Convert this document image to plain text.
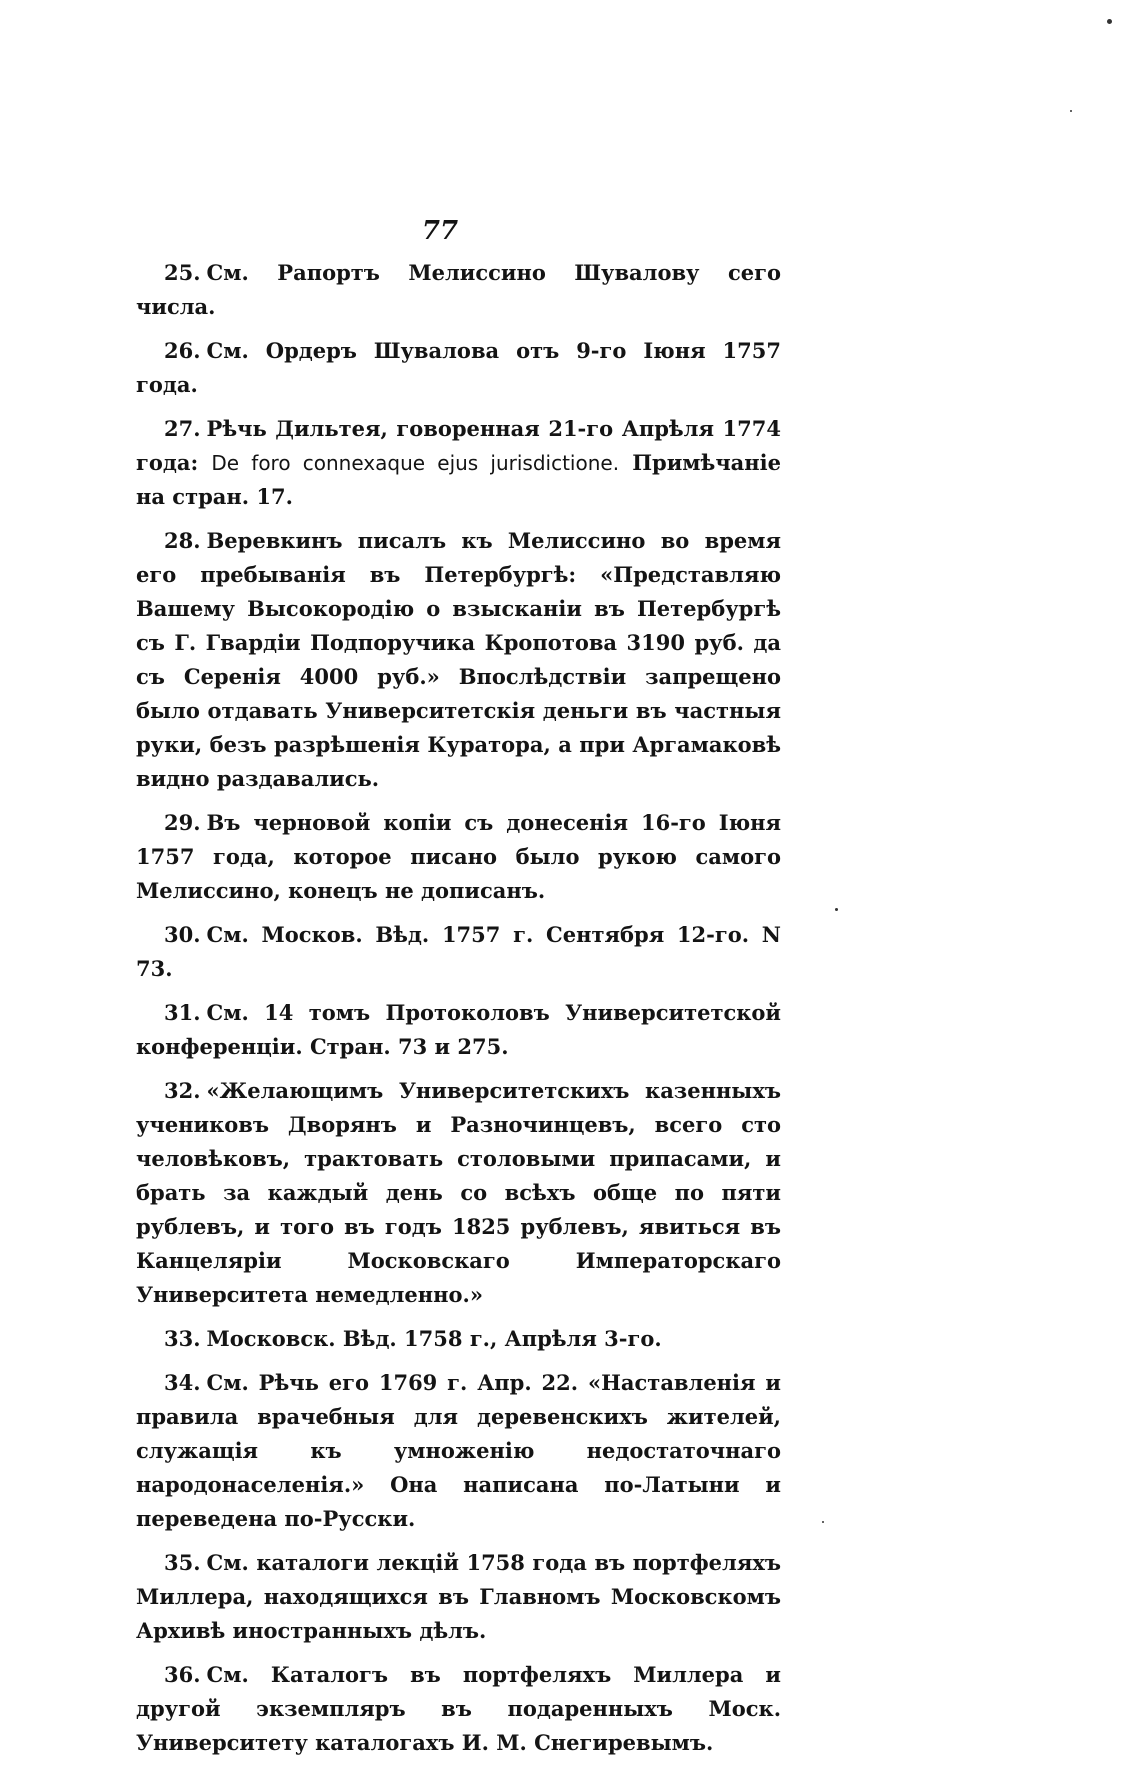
77

25. См. Рапортъ Мелиссино Шувалову сего числа.

26. См. Ордеръ Шувалова отъ 9-го Іюня 1757 года.

27. Рѣчь Дильтея, говоренная 21-го Апрѣля 1774 года: De foro connexaque ejus jurisdictione. Примѣчаніе на стран. 17.

28. Веревкинъ писалъ къ Мелиссино во время его пребыванія въ Петербургѣ: «Представляю Вашему Высокородію о взысканіи въ Петербургѣ съ Г. Гвардіи Подпоручика Кропотова 3190 руб. да съ Серенія 4000 руб.» Впослѣдствіи запрещено было отдавать Университетскія деньги въ частныя руки, безъ разрѣшенія Куратора, а при Аргамаковѣ видно раздавались.

29. Въ черновой копіи съ донесенія 16-го Іюня 1757 года, которое писано было рукою самого Мелиссино, конецъ не дописанъ.

30. См. Москов. Вѣд. 1757 г. Сентября 12-го. N 73.

31. См. 14 томъ Протоколовъ Университетской конференціи. Стран. 73 и 275.

32. «Желающимъ Университетскихъ казенныхъ учениковъ Дворянъ и Разночинцевъ, всего сто человѣковъ, трактовать столовыми припасами, и брать за каждый день со всѣхъ обще по пяти рублевъ, и того въ годъ 1825 рублевъ, явиться въ Канцеляріи Московскаго Императорскаго Университета немедленно.»

33. Московск. Вѣд. 1758 г., Апрѣля 3-го.

34. См. Рѣчь его 1769 г. Апр. 22. «Наставленія и правила врачебныя для деревенскихъ жителей, служащія къ умноженію недостаточнаго народонаселенія.» Она написана по-Латыни и переведена по-Русски.

35. См. каталоги лекцій 1758 года въ портфеляхъ Миллера, находящихся въ Главномъ Московскомъ Архивѣ иностранныхъ дѣлъ.

36. См. Каталогъ въ портфеляхъ Миллера и другой экземпляръ въ подаренныхъ Моск. Университету каталогахъ И. М. Снегиревымъ.
